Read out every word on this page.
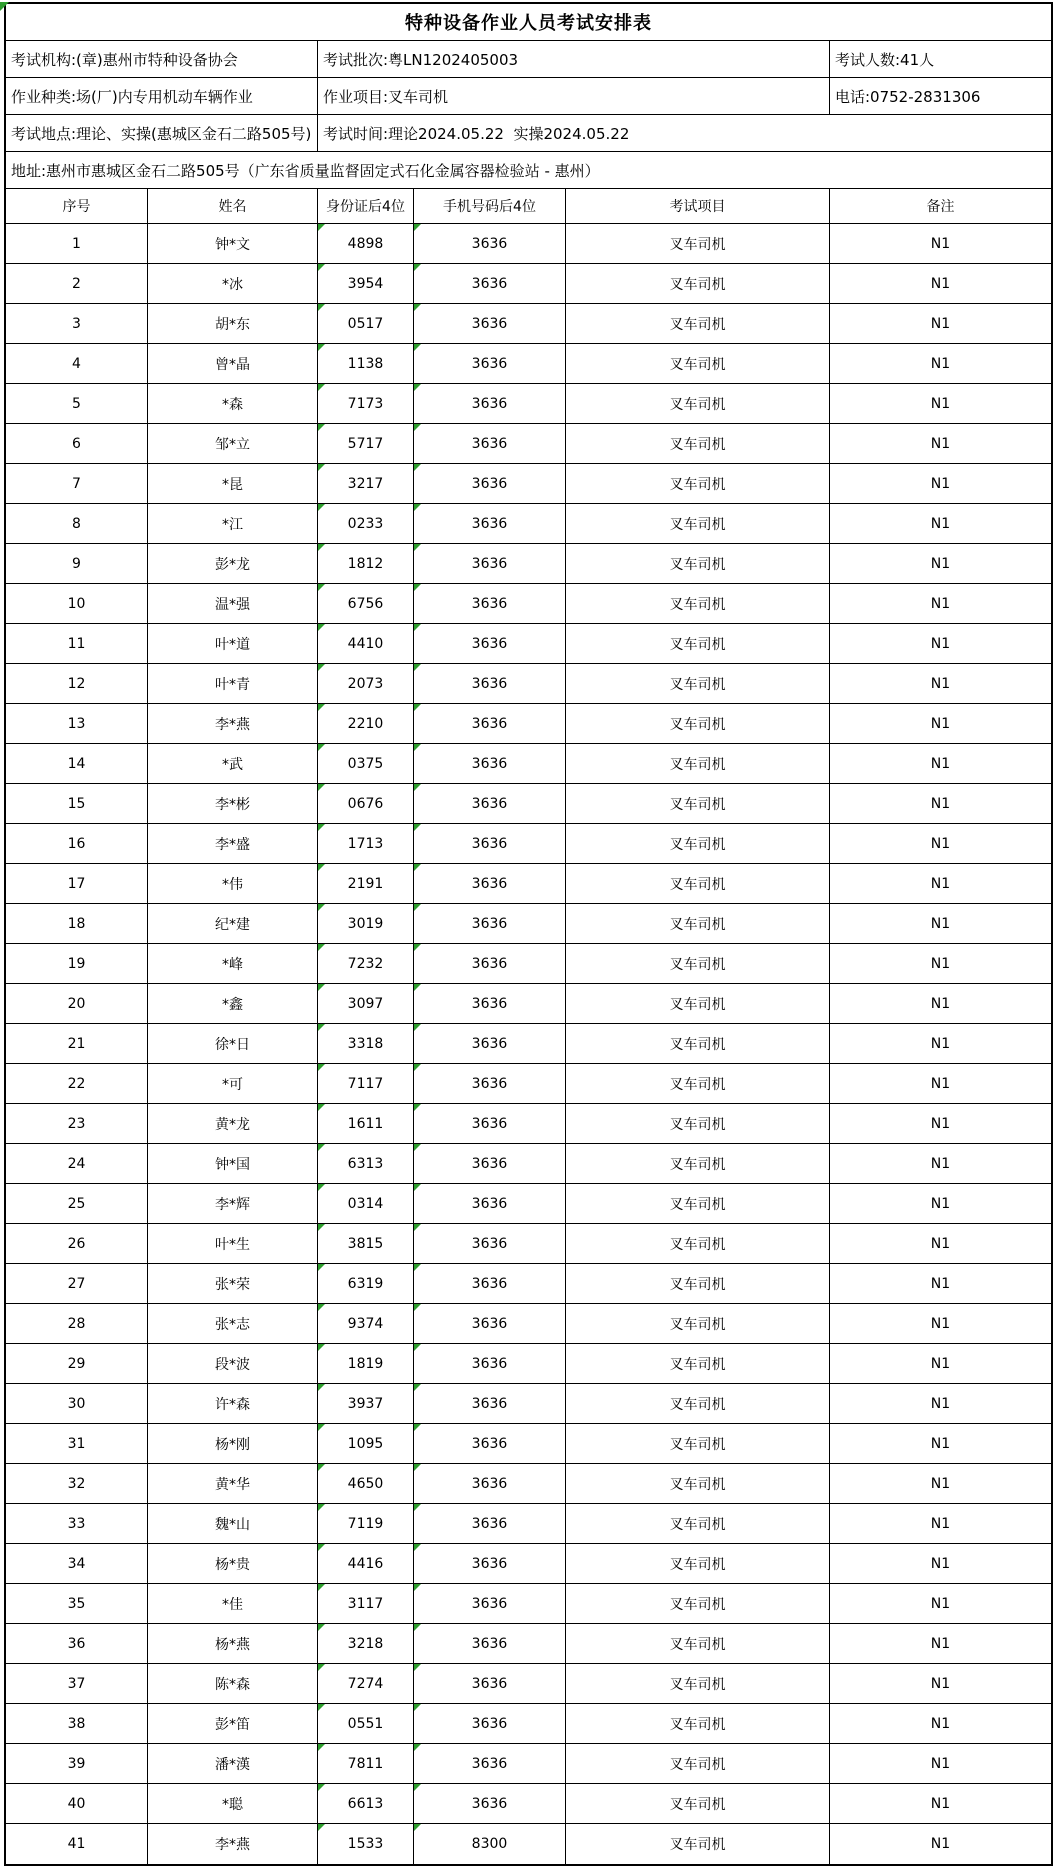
特种设备作业人员考试安排表
考试机构:(章)惠州市特种设备协会	考试批次:粤LN1202405003	考试人数:41人
作业种类:场(厂)内专用机动车辆作业	作业项目:叉车司机	电话:0752-2831306
考试地点:理论、实操(惠城区金石二路505号) 考试时间:理论2024.05.22  实操2024.05.22
地址:惠州市惠城区金石二路505号（广东省质量监督固定式石化金属容器检验站 - 惠州）
序号	姓名	身份证后4位	手机号码后4位	考试项目	备注
1	钟*文	4898	3636	叉车司机	N1
2	*冰	3954	3636	叉车司机	N1
3	胡*东	0517	3636	叉车司机	N1
4	曾*晶	1138	3636	叉车司机	N1
5	*森	7173	3636	叉车司机	N1
6	邹*立	5717	3636	叉车司机	N1
7	*昆	3217	3636	叉车司机	N1
8	*江	0233	3636	叉车司机	N1
9	彭*龙	1812	3636	叉车司机	N1
10	温*强	6756	3636	叉车司机	N1
11	叶*道	4410	3636	叉车司机	N1
12	叶*青	2073	3636	叉车司机	N1
13	李*燕	2210	3636	叉车司机	N1
14	*武	0375	3636	叉车司机	N1
15	李*彬	0676	3636	叉车司机	N1
16	李*盛	1713	3636	叉车司机	N1
17	*伟	2191	3636	叉车司机	N1
18	纪*建	3019	3636	叉车司机	N1
19	*峰	7232	3636	叉车司机	N1
20	*鑫	3097	3636	叉车司机	N1
21	徐*日	3318	3636	叉车司机	N1
22	*可	7117	3636	叉车司机	N1
23	黄*龙	1611	3636	叉车司机	N1
24	钟*国	6313	3636	叉车司机	N1
25	李*辉	0314	3636	叉车司机	N1
26	叶*生	3815	3636	叉车司机	N1
27	张*荣	6319	3636	叉车司机	N1
28	张*志	9374	3636	叉车司机	N1
29	段*波	1819	3636	叉车司机	N1
30	许*森	3937	3636	叉车司机	N1
31	杨*刚	1095	3636	叉车司机	N1
32	黄*华	4650	3636	叉车司机	N1
33	魏*山	7119	3636	叉车司机	N1
34	杨*贵	4416	3636	叉车司机	N1
35	*佳	3117	3636	叉车司机	N1
36	杨*燕	3218	3636	叉车司机	N1
37	陈*森	7274	3636	叉车司机	N1
38	彭*笛	0551	3636	叉车司机	N1
39	潘*漢	7811	3636	叉车司机	N1
40	*聪	6613	3636	叉车司机	N1
41	李*燕	1533	8300	叉车司机	N1
